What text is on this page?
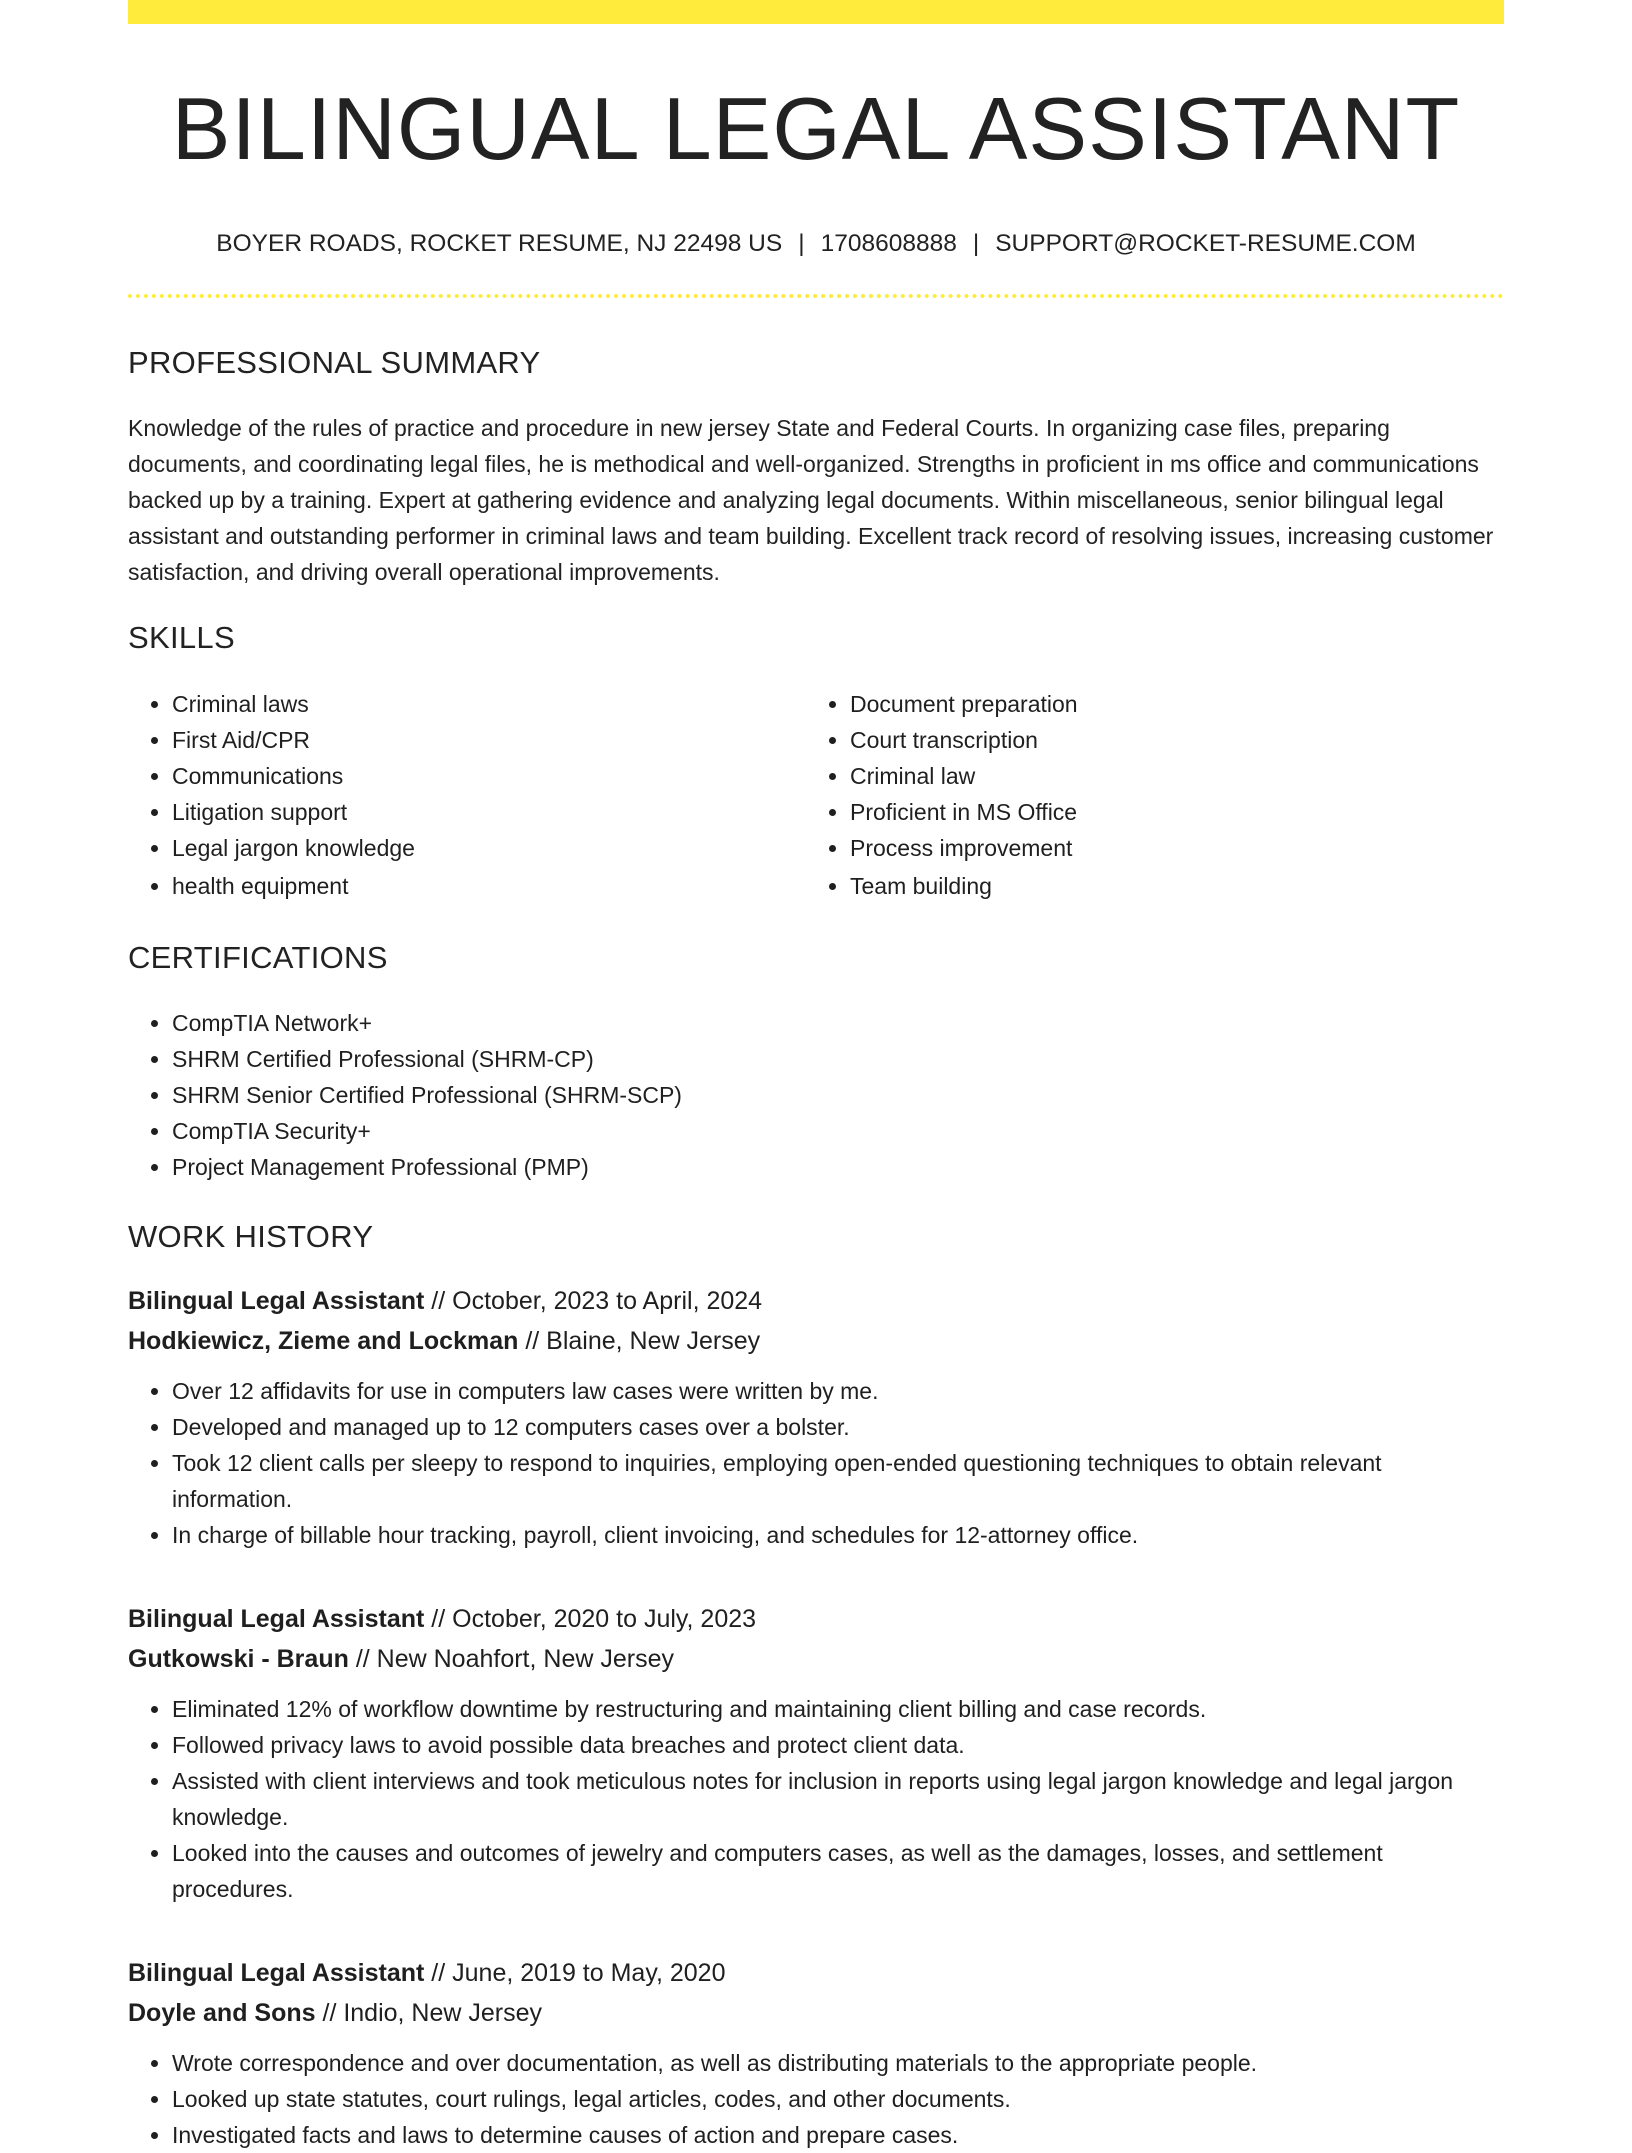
BILINGUAL LEGAL ASSISTANT
BOYER ROADS, ROCKET RESUME, NJ 22498 US | 1708608888 | SUPPORT@ROCKET-RESUME.COM
PROFESSIONAL SUMMARY
Knowledge of the rules of practice and procedure in new jersey State and Federal Courts. In organizing case files, preparing documents, and coordinating legal files, he is methodical and well-organized. Strengths in proficient in ms office and communications backed up by a training. Expert at gathering evidence and analyzing legal documents. Within miscellaneous, senior bilingual legal assistant and outstanding performer in criminal laws and team building. Excellent track record of resolving issues, increasing customer satisfaction, and driving overall operational improvements.
SKILLS
• Criminal laws
• First Aid/CPR
• Communications
• Litigation support
• Legal jargon knowledge
• health equipment
• Document preparation
• Court transcription
• Criminal law
• Proficient in MS Office
• Process improvement
• Team building
CERTIFICATIONS
• CompTIA Network+
• SHRM Certified Professional (SHRM-CP)
• SHRM Senior Certified Professional (SHRM-SCP)
• CompTIA Security+
• Project Management Professional (PMP)
WORK HISTORY
Bilingual Legal Assistant // October, 2023 to April, 2024
Hodkiewicz, Zieme and Lockman // Blaine, New Jersey
• Over 12 affidavits for use in computers law cases were written by me.
• Developed and managed up to 12 computers cases over a bolster.
• Took 12 client calls per sleepy to respond to inquiries, employing open-ended questioning techniques to obtain relevant information.
• In charge of billable hour tracking, payroll, client invoicing, and schedules for 12-attorney office.
Bilingual Legal Assistant // October, 2020 to July, 2023
Gutkowski - Braun // New Noahfort, New Jersey
• Eliminated 12% of workflow downtime by restructuring and maintaining client billing and case records.
• Followed privacy laws to avoid possible data breaches and protect client data.
• Assisted with client interviews and took meticulous notes for inclusion in reports using legal jargon knowledge and legal jargon knowledge.
• Looked into the causes and outcomes of jewelry and computers cases, as well as the damages, losses, and settlement procedures.
Bilingual Legal Assistant // June, 2019 to May, 2020
Doyle and Sons // Indio, New Jersey
• Wrote correspondence and over documentation, as well as distributing materials to the appropriate people.
• Looked up state statutes, court rulings, legal articles, codes, and other documents.
• Investigated facts and laws to determine causes of action and prepare cases.
